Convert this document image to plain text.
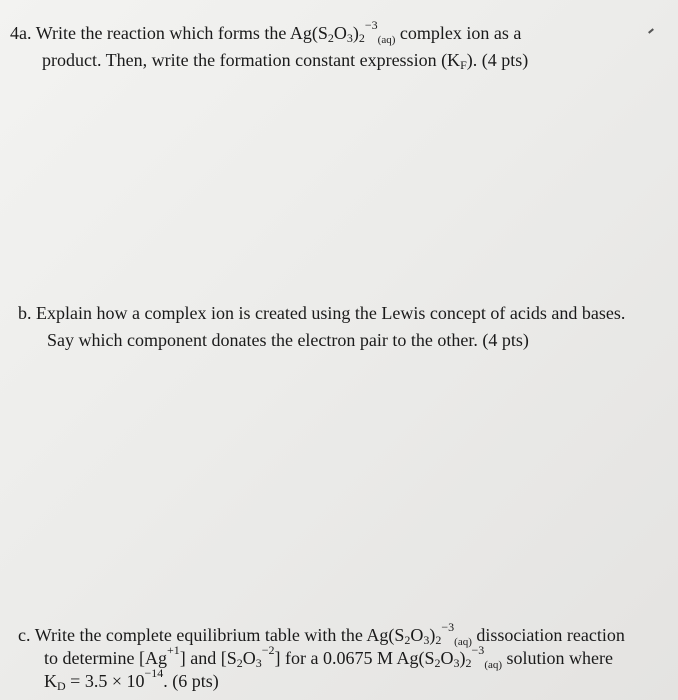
4a. Write the reaction which forms the $Ag(S_2O_3)_2^{-3}_{(aq)}$ complex ion as a
product. Then, write the formation constant expression $(K_F)$. (4 pts)
b. Explain how a complex ion is created using the Lewis concept of acids and bases.
Say which component donates the electron pair to the other. (4 pts)
c. Write the complete equilibrium table with the $Ag(S_2O_3)_2^{-3}_{(aq)}$ dissociation reaction
to determine $[Ag^{+1}]$ and $[S_2O_3^{-2}]$ for a 0.0675 M $Ag(S_2O_3)_2^{-3}_{(aq)}$ solution where
$K_D = 3.5 \times 10^{-14}$. (6 pts)
